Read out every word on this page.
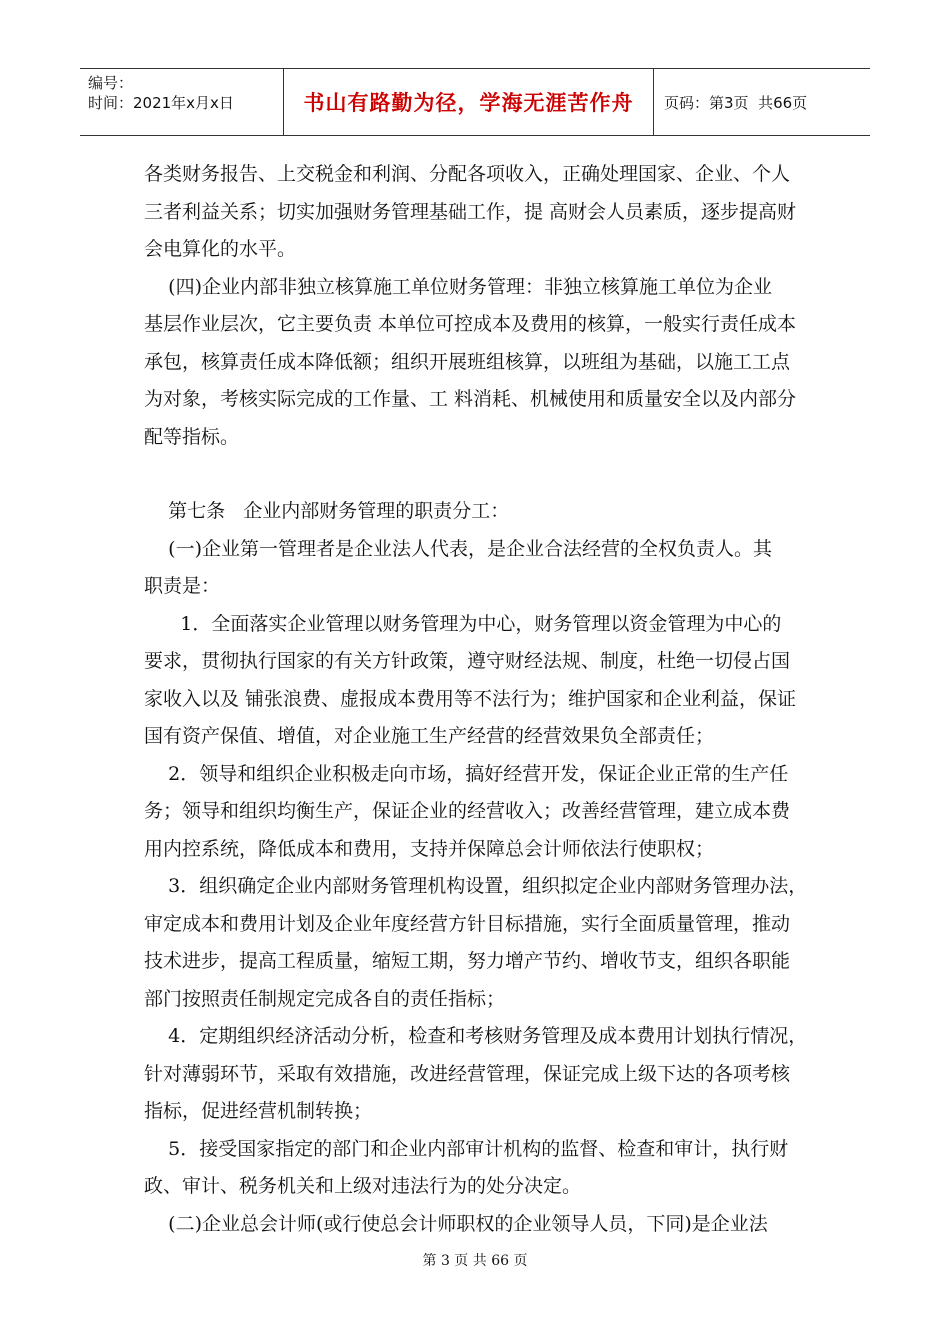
编号：
时间：2021年x月x日	书山有路勤为径，学海无涯苦作舟	页码：第3页  共66页

各类财务报告、上交税金和利润、分配各项收入，正确处理国家、企业、个人

三者利益关系；切实加强财务管理基础工作，提 高财会人员素质，逐步提高财

会电算化的水平。

(四)企业内部非独立核算施工单位财务管理：非独立核算施工单位为企业

基层作业层次，它主要负责 本单位可控成本及费用的核算，一般实行责任成本

承包，核算责任成本降低额；组织开展班组核算，以班组为基础，以施工工点

为对象，考核实际完成的工作量、工 料消耗、机械使用和质量安全以及内部分

配等指标。

第七条   企业内部财务管理的职责分工：

(一)企业第一管理者是企业法人代表，是企业合法经营的全权负责人。其

职责是：

1．全面落实企业管理以财务管理为中心，财务管理以资金管理为中心的

要求，贯彻执行国家的有关方针政策，遵守财经法规、制度，杜绝一切侵占国

家收入以及 铺张浪费、虚报成本费用等不法行为；维护国家和企业利益，保证

国有资产保值、增值，对企业施工生产经营的经营效果负全部责任；

2．领导和组织企业积极走向市场，搞好经营开发，保证企业正常的生产任

务；领导和组织均衡生产，保证企业的经营收入；改善经营管理，建立成本费

用内控系统，降低成本和费用，支持并保障总会计师依法行使职权；

3．组织确定企业内部财务管理机构设置，组织拟定企业内部财务管理办法，

审定成本和费用计划及企业年度经营方针目标措施，实行全面质量管理，推动

技术进步，提高工程质量，缩短工期，努力增产节约、增收节支，组织各职能

部门按照责任制规定完成各自的责任指标；

4．定期组织经济活动分析，检查和考核财务管理及成本费用计划执行情况，

针对薄弱环节，采取有效措施，改进经营管理，保证完成上级下达的各项考核

指标，促进经营机制转换；

5．接受国家指定的部门和企业内部审计机构的监督、检查和审计，执行财

政、审计、税务机关和上级对违法行为的处分决定。

(二)企业总会计师(或行使总会计师职权的企业领导人员，下同)是企业法

第 3 页 共 66 页
